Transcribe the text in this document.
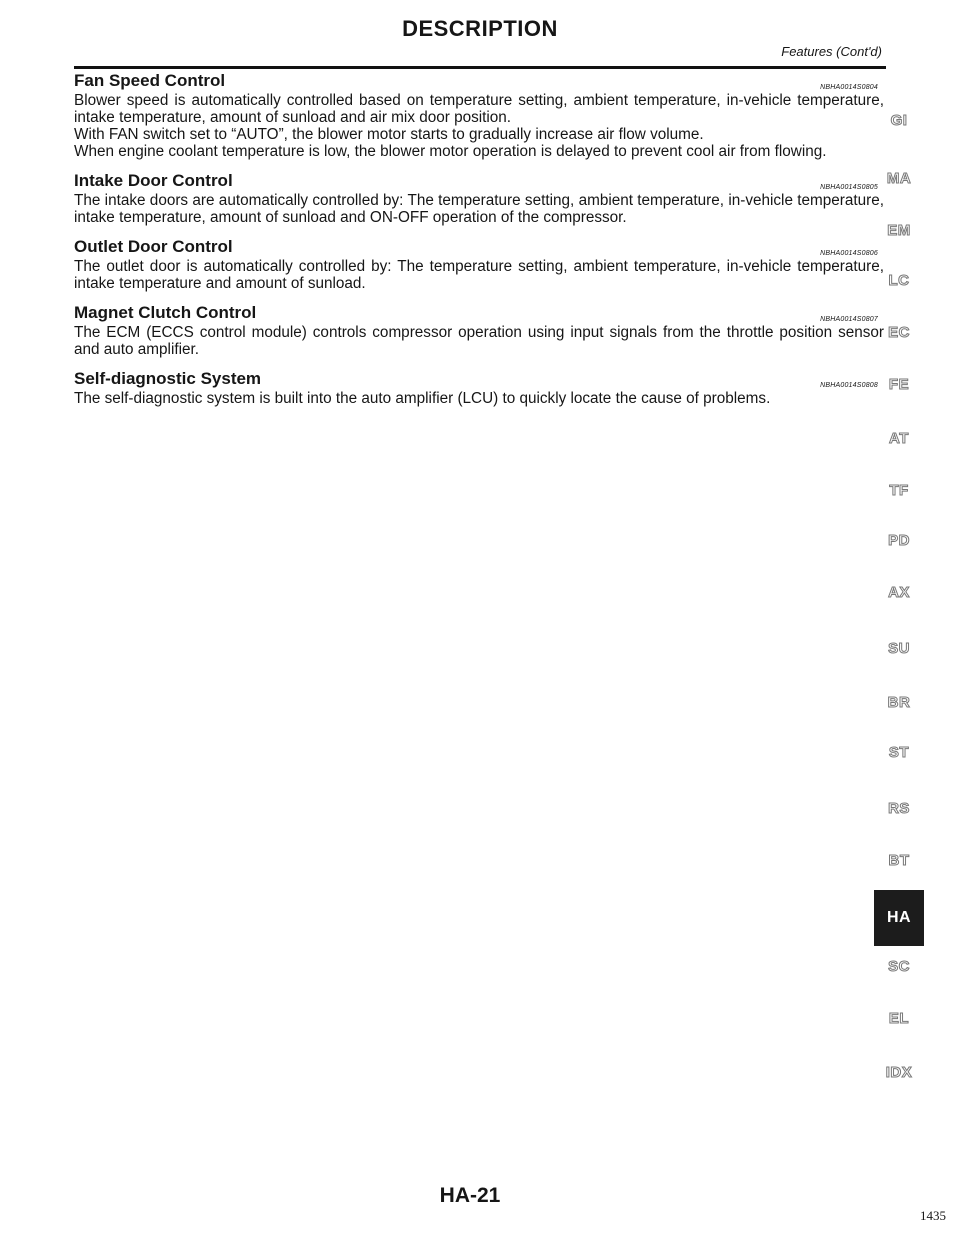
DESCRIPTION
Features (Cont'd)
Fan Speed Control	NBHA0014S0804

Blower speed is automatically controlled based on temperature setting, ambient temperature, in-vehicle temperature, intake temperature, amount of sunload and air mix door position.

With FAN switch set to “AUTO”, the blower motor starts to gradually increase air flow volume.

When engine coolant temperature is low, the blower motor operation is delayed to prevent cool air from flowing.

Intake Door Control	NBHA0014S0805

The intake doors are automatically controlled by: The temperature setting, ambient temperature, in-vehicle temperature, intake temperature, amount of sunload and ON-OFF operation of the compressor.

Outlet Door Control	NBHA0014S0806

The outlet door is automatically controlled by: The temperature setting, ambient temperature, in-vehicle temperature, intake temperature and amount of sunload.

Magnet Clutch Control	NBHA0014S0807

The ECM (ECCS control module) controls compressor operation using input signals from the throttle position sensor and auto amplifier.

Self-diagnostic System	NBHA0014S0808

The self-diagnostic system is built into the auto amplifier (LCU) to quickly locate the cause of problems.

GI
MA
EM
LC
EC
FE
AT
TF
PD
AX
SU
BR
ST
RS
BT
HA
SC
EL
IDX
HA-21
1435
